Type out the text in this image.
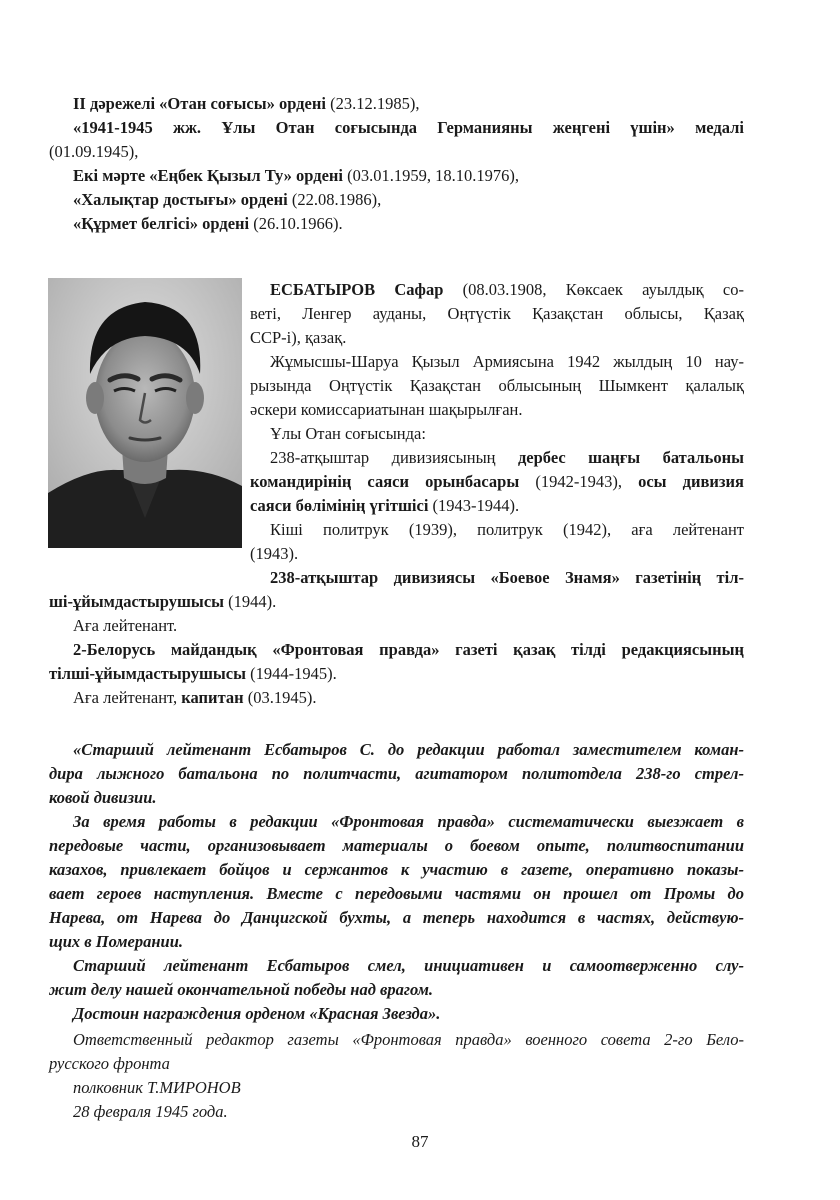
ІІ дәрежелі «Отан соғысы» ордені (23.12.1985),
«1941-1945 жж. Ұлы Отан соғысында Германияны жеңгені үшін» медалі
(01.09.1945),
Екі мәрте «Еңбек Қызыл Ту» ордені (03.01.1959, 18.10.1976),
«Халықтар достығы» ордені (22.08.1986),
«Құрмет белгісі» ордені (26.10.1966).
ЕСБАТЫРОВ Сафар (08.03.1908, Көксаек ауылдық со-
веті, Ленгер ауданы, Оңтүстік Қазақстан облысы, Қазақ
ССР-і), қазақ.
Жұмысшы-Шаруа Қызыл Армиясына 1942 жылдың 10 нау-
рызында Оңтүстік Қазақстан облысының Шымкент қалалық
әскери комиссариатынан шақырылған.
Ұлы Отан соғысында:
238-атқыштар дивизиясының дербес шаңғы батальоны
командирінің саяси орынбасары (1942-1943), осы дивизия
саяси бөлімінің үгітшісі (1943-1944).
Кіші политрук (1939), политрук (1942), аға лейтенант
(1943).
238-атқыштар дивизиясы «Боевое Знамя» газетінің тіл-
ші-ұйымдастырушысы (1944).
Аға лейтенант.
2-Белорусь майдандық «Фронтовая правда» газеті қазақ тілді редакциясының
тілші-ұйымдастырушысы (1944-1945).
Аға лейтенант, капитан (03.1945).
«Старший лейтенант Есбатыров С. до редакции работал заместителем коман-
дира лыжного батальона по политчасти, агитатором политотдела 238-го стрел-
ковой дивизии.
За время работы в редакции «Фронтовая правда» систематически выезжает в
передовые части, организовывает материалы о боевом опыте, политвоспитании
казахов, привлекает бойцов и сержантов к участию в газете, оперативно показы-
вает героев наступления. Вместе с передовыми частями он прошел от Промы до
Нарева, от Нарева до Данцигской бухты, а теперь находится в частях, действую-
щих в Померании.
Старший лейтенант Есбатыров смел, инициативен и самоотверженно слу-
жит делу нашей окончательной победы над врагом.
Достоин награждения орденом «Красная Звезда».
Ответственный редактор газеты «Фронтовая правда» военного совета 2-го Бело-
русского фронта
полковник Т.МИРОНОВ
28 февраля 1945 года.
87
